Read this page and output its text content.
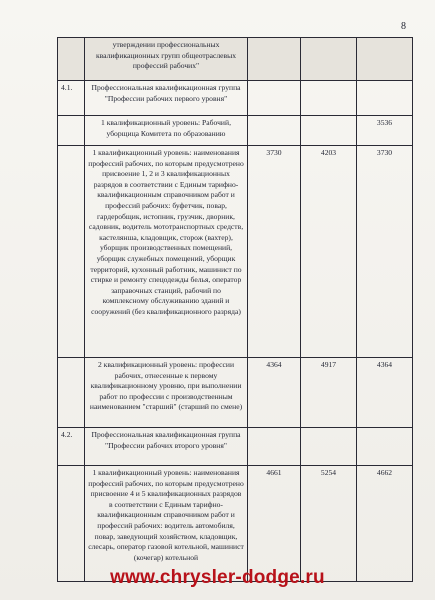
8
	утверждении профессиональных квалификационных групп общеотраслевых профессий рабочих"			
4.1.	Профессиональная квалификационная группа "Профессии рабочих первого уровня"			
	1 квалификационный уровень: Рабочий, уборщица Комитета по образованию			3536
	1 квалификационный уровень: наименования профессий рабочих, по которым предусмотрено присвоение 1, 2 и 3 квалификационных разрядов в соответствии с Единым тарифно-квалификационным справочником работ и профессий рабочих: буфетчик, повар, гардеробщик, истопник, грузчик, дворник, садовник, водитель мототранспортных средств, кастелянша, кладовщик, сторож (вахтер), уборщик производственных помещений, уборщик служебных помещений, уборщик территорий, кухонный работник, машинист по стирке и ремонту спецодежды белья, оператор заправочных станций, рабочий по комплексному обслуживанию зданий и сооружений (без квалификационного разряда)	3730	4203	3730
	2 квалификационный уровень: профессии рабочих, отнесенные к первому квалификационному уровню, при выполнении работ по профессии с производственным наименованием "старший" (старший по смене)	4364	4917	4364
4.2.	Профессиональная квалификационная группа "Профессии рабочих второго уровня"			
	1 квалификационный уровень: наименования профессий рабочих, по которым предусмотрено присвоение 4 и 5 квалификационных разрядов в соответствии с Единым тарифно-квалификационным справочником работ и профессий рабочих: водитель автомобиля, повар, заведующий хозяйством, кладовщик, слесарь, оператор газовой котельной, машинист (кочегар) котельной	4661	5254	4662
www.chrysler-dodge.ru
